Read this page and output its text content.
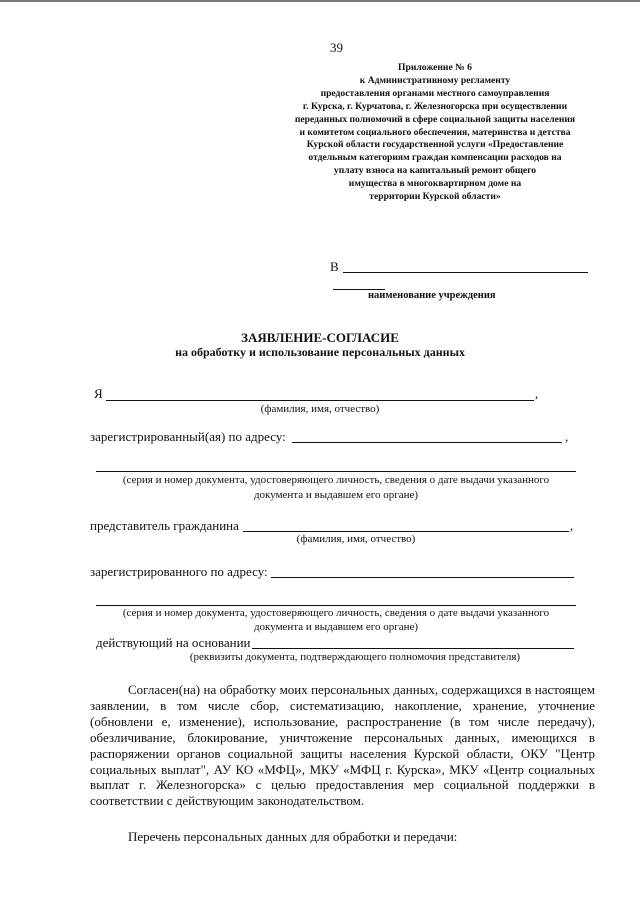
39
Приложение № 6
к Административному регламенту
предоставления органами местного самоуправления
г. Курска, г. Курчатова, г. Железногорска при осуществлении
переданных полномочий в сфере социальной защиты населения
и комитетом социального обеспечения, материнства и детства
Курской области государственной услуги «Предоставление
отдельным категориям граждан компенсации расходов на
уплату взноса на капитальный ремонт общего
имущества в многоквартирном доме на
территории Курской области»
В
наименование учреждения
ЗАЯВЛЕНИЕ-СОГЛАСИЕ
на обработку и использование персональных данных
Я	,
(фамилия, имя, отчество)
зарегистрированный(ая) по адресу:	,
(серия и номер документа, удостоверяющего личность, сведения о дате выдачи указанного
документа и выдавшем его органе)
представитель гражданина	,
(фамилия, имя, отчество)
зарегистрированного по адресу:
(серия и номер документа, удостоверяющего личность, сведения о дате выдачи указанного
документа и выдавшем его органе)
действующий на основании
(реквизиты документа, подтверждающего полномочия представителя)
Согласен(на) на обработку моих персональных данных, содержащихся в настоящем заявлении, в том числе сбор, систематизацию, накопление, хранение, уточнение (обновлени е, изменение), использование, распространение (в том числе передачу), обезличивание, блокирование, уничтожение персональных данных, имеющихся в распоряжении органов социальной защиты населения Курской области, ОКУ "Центр социальных выплат", АУ КО «МФЦ», МКУ «МФЦ г. Курска», МКУ «Центр социальных выплат г. Железногорска» с целью предоставления мер социальной поддержки в соответствии с действующим законодательством.
Перечень персональных данных для обработки и передачи:
